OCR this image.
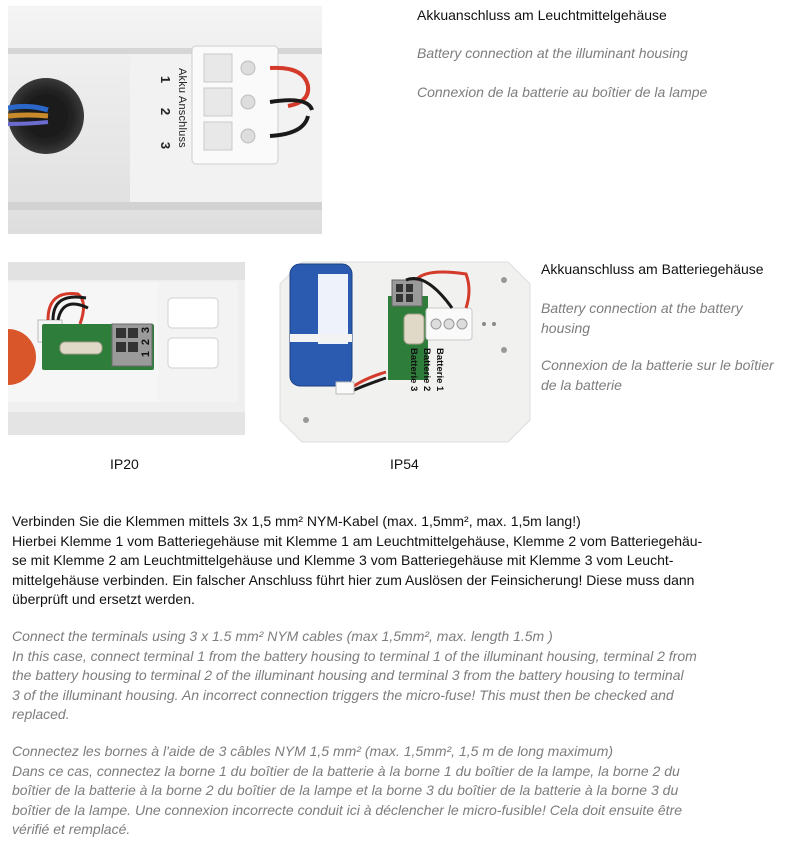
Akku Anschluss
1
2
3
Akkuanschluss am Leuchtmittelgehäuse
Battery connection at the illuminant housing
Connexion de la batterie au boîtier de la lampe
1
2
3
Batterie 1
Batterie 2
Batterie 3
IP20	IP54
Akkuanschluss am Batteriegehäuse
Battery connection at the battery housing
Connexion de la batterie sur le boîtier de la batterie
Verbinden Sie die Klemmen mittels 3x 1,5 mm² NYM-Kabel (max. 1,5mm², max. 1,5m lang!)
Hierbei Klemme 1 vom Batteriegehäuse mit Klemme 1 am Leuchtmittelgehäuse, Klemme 2 vom Batteriegehäu-
se mit Klemme 2 am Leuchtmittelgehäuse und Klemme 3 vom Batteriegehäuse mit Klemme 3 vom Leucht-
mittelgehäuse verbinden. Ein falscher Anschluss führt hier zum Auslösen der Feinsicherung! Diese muss dann
überprüft und ersetzt werden.
Connect the terminals using 3 x 1.5 mm² NYM cables (max 1,5mm², max. length 1.5m )
In this case, connect terminal 1 from the battery housing to terminal 1 of the illuminant housing, terminal 2 from
the battery housing to terminal 2 of the illuminant housing and terminal 3 from the battery housing to terminal
3 of the illuminant housing. An incorrect connection triggers the micro-fuse! This must then be checked and
replaced.
Connectez les bornes à l'aide de 3 câbles NYM 1,5 mm² (max. 1,5mm², 1,5 m de long maximum)
Dans ce cas, connectez la borne 1 du boîtier de la batterie à la borne 1 du boîtier de la lampe, la borne 2 du
boîtier de la batterie à la borne 2 du boîtier de la lampe et la borne 3 du boîtier de la batterie à la borne 3 du
boîtier de la lampe. Une connexion incorrecte conduit ici à déclencher le micro-fusible! Cela doit ensuite être
vérifié et remplacé.
